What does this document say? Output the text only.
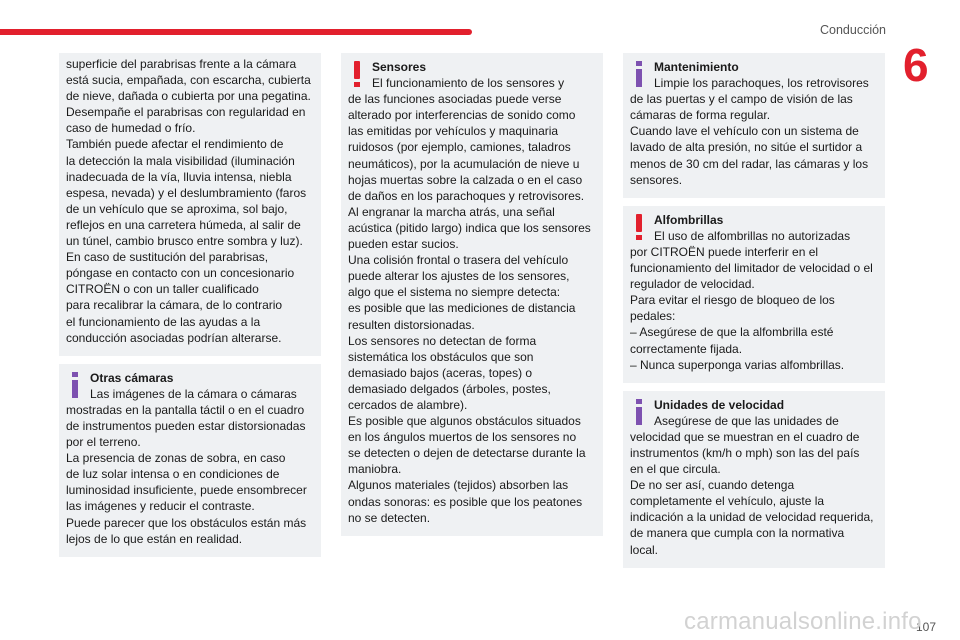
Conducción
6

superficie del parabrisas frente a la cámara

está sucia, empañada, con escarcha, cubierta

de nieve, dañada o cubierta por una pegatina.

Desempañe el parabrisas con regularidad en

caso de humedad o frío.

También puede afectar el rendimiento de

la detección la mala visibilidad (iluminación

inadecuada de la vía, lluvia intensa, niebla

espesa, nevada) y el deslumbramiento (faros

de un vehículo que se aproxima, sol bajo,

reflejos en una carretera húmeda, al salir de

un túnel, cambio brusco entre sombra y luz).

En caso de sustitución del parabrisas,

póngase en contacto con un concesionario

CITROËN o con un taller cualificado

para recalibrar la cámara, de lo contrario

el funcionamiento de las ayudas a la

conducción asociadas podrían alterarse.

Otras cámaras

Las imágenes de la cámara o cámaras

mostradas en la pantalla táctil o en el cuadro

de instrumentos pueden estar distorsionadas

por el terreno.

La presencia de zonas de sobra, en caso

de luz solar intensa o en condiciones de

luminosidad insuficiente, puede ensombrecer

las imágenes y reducir el contraste.

Puede parecer que los obstáculos están más

lejos de lo que están en realidad.

Sensores

El funcionamiento de los sensores y

de las funciones asociadas puede verse

alterado por interferencias de sonido como

las emitidas por vehículos y maquinaria

ruidosos (por ejemplo, camiones, taladros

neumáticos), por la acumulación de nieve u

hojas muertas sobre la calzada o en el caso

de daños en los parachoques y retrovisores.

Al engranar la marcha atrás, una señal

acústica (pitido largo) indica que los sensores

pueden estar sucios.

Una colisión frontal o trasera del vehículo

puede alterar los ajustes de los sensores,

algo que el sistema no siempre detecta:

es posible que las mediciones de distancia

resulten distorsionadas.

Los sensores no detectan de forma

sistemática los obstáculos que son

demasiado bajos (aceras, topes) o

demasiado delgados (árboles, postes,

cercados de alambre).

Es posible que algunos obstáculos situados

en los ángulos muertos de los sensores no

se detecten o dejen de detectarse durante la

maniobra.

Algunos materiales (tejidos) absorben las

ondas sonoras: es posible que los peatones

no se detecten.

Mantenimiento

Limpie los parachoques, los retrovisores

de las puertas y el campo de visión de las

cámaras de forma regular.

Cuando lave el vehículo con un sistema de

lavado de alta presión, no sitúe el surtidor a

menos de 30 cm del radar, las cámaras y los

sensores.

Alfombrillas

El uso de alfombrillas no autorizadas

por CITROËN puede interferir en el

funcionamiento del limitador de velocidad o el

regulador de velocidad.

Para evitar el riesgo de bloqueo de los

pedales:

– Asegúrese de que la alfombrilla esté

correctamente fijada.

– Nunca superponga varias alfombrillas.

Unidades de velocidad

Asegúrese de que las unidades de

velocidad que se muestran en el cuadro de

instrumentos (km/h o mph) son las del país

en el que circula.

De no ser así, cuando detenga

completamente el vehículo, ajuste la

indicación a la unidad de velocidad requerida,

de manera que cumpla con la normativa

local.

107
carmanualsonline.info
